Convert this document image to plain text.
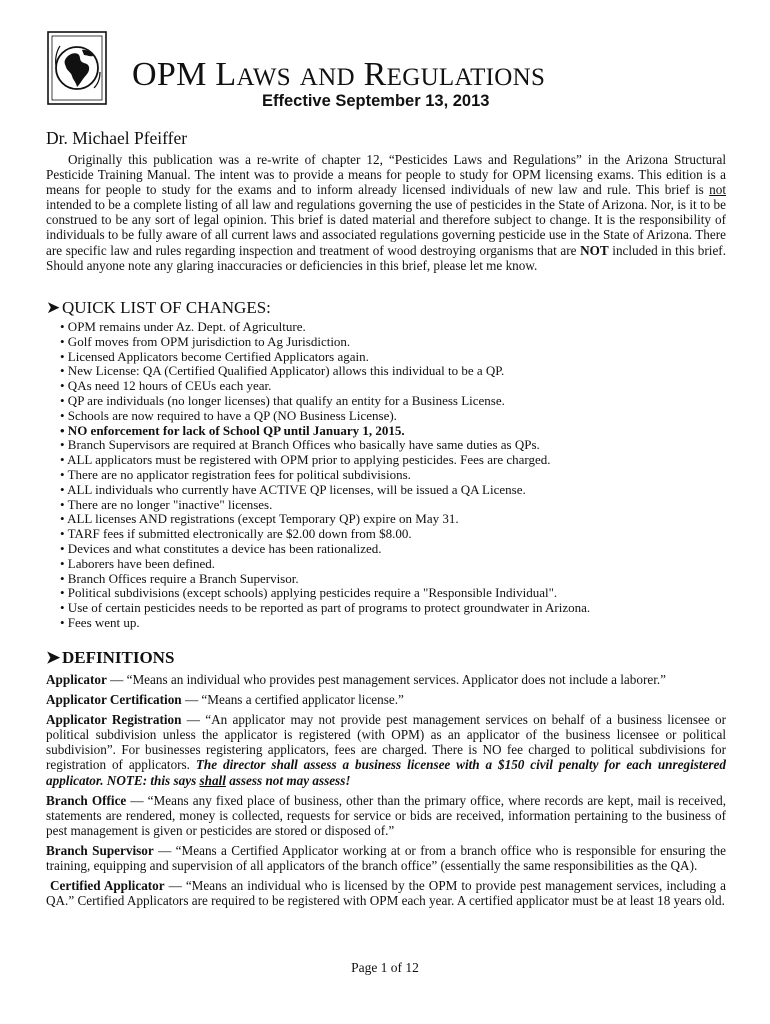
OPM LAWS AND REGULATIONS
Effective September 13, 2013
Dr. Michael Pfeiffer

Originally this publication was a re-write of chapter 12, “Pesticides Laws and Regulations” in the Arizona Structural Pesticide Training Manual. The intent was to provide a means for people to study for OPM licensing exams. This edition is a means for people to study for the exams and to inform already licensed individuals of new law and rule. This brief is not intended to be a complete listing of all law and regulations governing the use of pesticides in the State of Arizona. Nor, is it to be construed to be any sort of legal opinion. This brief is dated material and therefore subject to change. It is the responsibility of individuals to be fully aware of all current laws and associated regulations governing pesticide use in the State of Arizona. There are specific law and rules regarding inspection and treatment of wood destroying organisms that are NOT included in this brief. Should anyone note any glaring inaccuracies or deficiencies in this brief, please let me know.

➤ QUICK LIST OF CHANGES:
• OPM remains under Az. Dept. of Agriculture.
• Golf moves from OPM jurisdiction to Ag Jurisdiction.
• Licensed Applicators become Certified Applicators again.
• New License: QA (Certified Qualified Applicator) allows this individual to be a QP.
• QAs need 12 hours of CEUs each year.
• QP are individuals (no longer licenses) that qualify an entity for a Business License.
• Schools are now required to have a QP (NO Business License).
• NO enforcement for lack of School QP until January 1, 2015.
• Branch Supervisors are required at Branch Offices who basically have same duties as QPs.
• ALL applicators must be registered with OPM prior to applying pesticides. Fees are charged.
• There are no applicator registration fees for political subdivisions.
• ALL individuals who currently have ACTIVE QP licenses, will be issued a QA License.
• There are no longer "inactive" licenses.
• ALL licenses AND registrations (except Temporary QP) expire on May 31.
• TARF fees if submitted electronically are $2.00 down from $8.00.
• Devices and what constitutes a device has been rationalized.
• Laborers have been defined.
• Branch Offices require a Branch Supervisor.
• Political subdivisions (except schools) applying pesticides require a "Responsible Individual".
• Use of certain pesticides needs to be reported as part of programs to protect groundwater in Arizona.
• Fees went up.
➤ DEFINITIONS

Applicator — “Means an individual who provides pest management services. Applicator does not include a laborer.”

Applicator Certification — “Means a certified applicator license.”

Applicator Registration — “An applicator may not provide pest management services on behalf of a business licensee or political subdivision unless the applicator is registered (with OPM) as an applicator of the business licensee or political subdivision”. For businesses registering applicators, fees are charged. There is NO fee charged to political subdivisions for registration of applicators. The director shall assess a business licensee with a $150 civil penalty for each unregistered applicator. NOTE: this says shall assess not may assess!

Branch Office — “Means any fixed place of business, other than the primary office, where records are kept, mail is received, statements are rendered, money is collected, requests for service or bids are received, information pertaining to the business of pest management is given or pesticides are stored or disposed of.”

Branch Supervisor — “Means a Certified Applicator working at or from a branch office who is responsible for ensuring the training, equipping and supervision of all applicators of the branch office” (essentially the same responsibilities as the QA).

Certified Applicator — “Means an individual who is licensed by the OPM to provide pest management services, including a QA.” Certified Applicators are required to be registered with OPM each year. A certified applicator must be at least 18 years old.

Page 1 of 12
